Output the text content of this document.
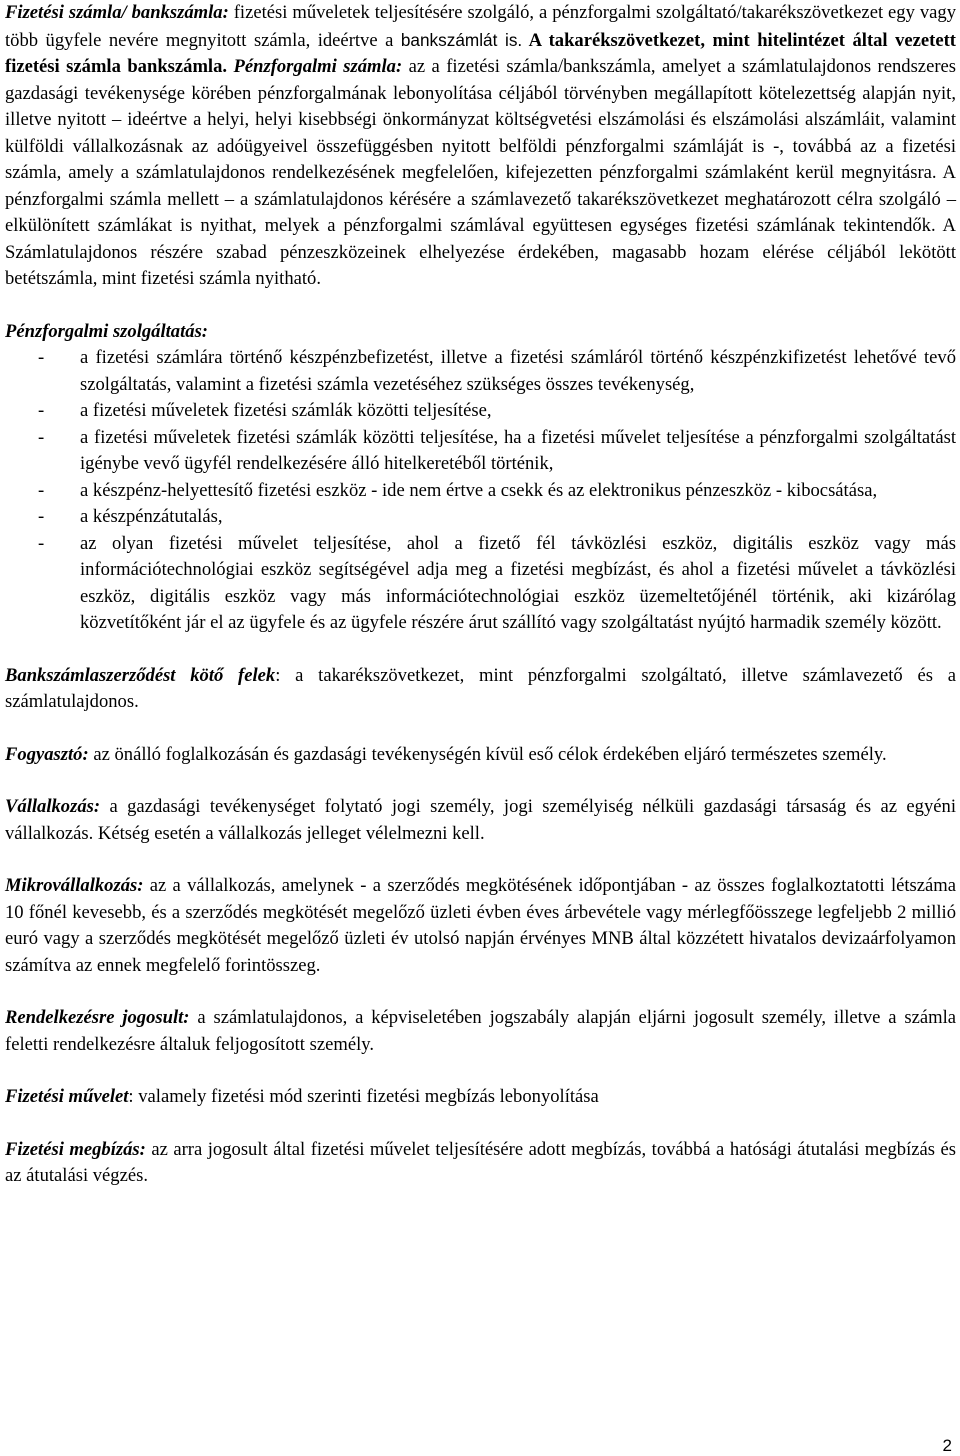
Fizetési számla/ bankszámla: fizetési műveletek teljesítésére szolgáló, a pénzforgalmi szolgáltató/takarékszövetkezet egy vagy több ügyfele nevére megnyitott számla, ideértve a bankszámlát is. A takarékszövetkezet, mint hitelintézet által vezetett fizetési számla bankszámla. Pénzforgalmi számla: az a fizetési számla/bankszámla, amelyet a számlatulajdonos rendszeres gazdasági tevékenysége körében pénzforgalmának lebonyolítása céljából törvényben megállapított kötelezettség alapján nyit, illetve nyitott – ideértve a helyi, helyi kisebbségi önkormányzat költségvetési elszámolási és elszámolási alszámláit, valamint külföldi vállalkozásnak az adóügyeivel összefüggésben nyitott belföldi pénzforgalmi számláját is -, továbbá az a fizetési számla, amely a számlatulajdonos rendelkezésének megfelelően, kifejezetten pénzforgalmi számlaként kerül megnyitásra. A pénzforgalmi számla mellett – a számlatulajdonos kérésére a számlavezető takarékszövetkezet meghatározott célra szolgáló – elkülönített számlákat is nyithat, melyek a pénzforgalmi számlával együttesen egységes fizetési számlának tekintendők. A Számlatulajdonos részére szabad pénzeszközeinek elhelyezése érdekében, magasabb hozam elérése céljából lekötött betétszámla, mint fizetési számla nyitható.

Pénzforgalmi szolgáltatás:

- a fizetési számlára történő készpénzbefizetést, illetve a fizetési számláról történő készpénzkifizetést lehetővé tevő szolgáltatás, valamint a fizetési számla vezetéséhez szükséges összes tevékenység,
- a fizetési műveletek fizetési számlák közötti teljesítése,
- a fizetési műveletek fizetési számlák közötti teljesítése, ha a fizetési művelet teljesítése a pénzforgalmi szolgáltatást igénybe vevő ügyfél rendelkezésére álló hitelkeretéből történik,
- a készpénz-helyettesítő fizetési eszköz - ide nem értve a csekk és az elektronikus pénzeszköz - kibocsátása,
- a készpénzátutalás,
- az olyan fizetési művelet teljesítése, ahol a fizető fél távközlési eszköz, digitális eszköz vagy más információtechnológiai eszköz segítségével adja meg a fizetési megbízást, és ahol a fizetési művelet a távközlési eszköz, digitális eszköz vagy más információtechnológiai eszköz üzemeltetőjénél történik, aki kizárólag közvetítőként jár el az ügyfele és az ügyfele részére árut szállító vagy szolgáltatást nyújtó harmadik személy között.

Bankszámlaszerződést kötő felek: a takarékszövetkezet, mint pénzforgalmi szolgáltató, illetve számlavezető és a számlatulajdonos.

Fogyasztó: az önálló foglalkozásán és gazdasági tevékenységén kívül eső célok érdekében eljáró természetes személy.

Vállalkozás: a gazdasági tevékenységet folytató jogi személy, jogi személyiség nélküli gazdasági társaság és az egyéni vállalkozás. Kétség esetén a vállalkozás jelleget vélelmezni kell.

Mikrovállalkozás: az a vállalkozás, amelynek - a szerződés megkötésének időpontjában - az összes foglalkoztatotti létszáma 10 főnél kevesebb, és a szerződés megkötését megelőző üzleti évben éves árbevétele vagy mérlegfőösszege legfeljebb 2 millió euró vagy a szerződés megkötését megelőző üzleti év utolsó napján érvényes MNB által közzétett hivatalos devizaárfolyamon számítva az ennek megfelelő forintösszeg.

Rendelkezésre jogosult: a számlatulajdonos, a képviseletében jogszabály alapján eljárni jogosult személy, illetve a számla feletti rendelkezésre általuk feljogosított személy.

Fizetési művelet: valamely fizetési mód szerinti fizetési megbízás lebonyolítása

Fizetési megbízás: az arra jogosult által fizetési művelet teljesítésére adott megbízás, továbbá a hatósági átutalási megbízás és az átutalási végzés.

2
